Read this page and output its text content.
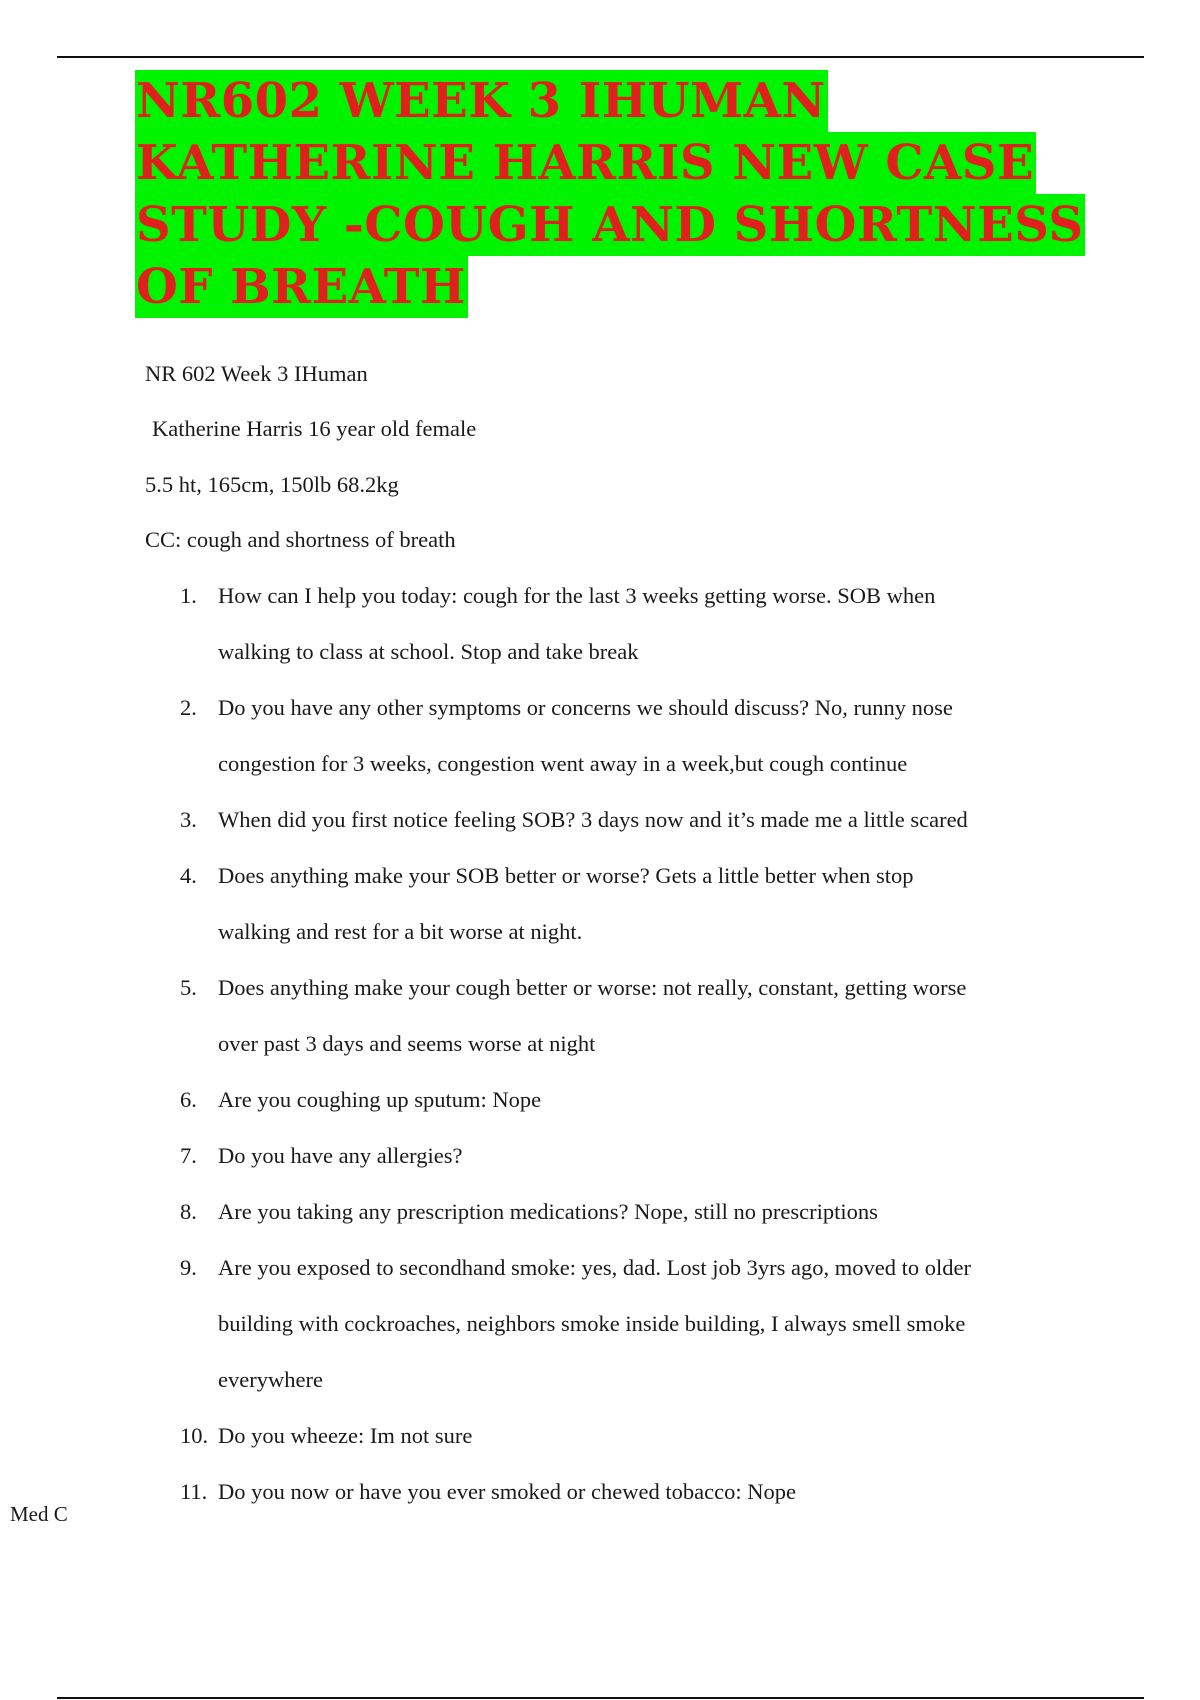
NR602 WEEK 3 IHUMAN
KATHERINE HARRIS NEW CASE
STUDY -COUGH AND SHORTNESS
OF BREATH
NR 602 Week 3 IHuman
Katherine Harris 16 year old female
5.5 ht, 165cm, 150lb 68.2kg
CC: cough and shortness of breath
1. How can I help you today: cough for the last 3 weeks getting worse. SOB when
walking to class at school. Stop and take break
2. Do you have any other symptoms or concerns we should discuss? No, runny nose
congestion for 3 weeks, congestion went away in a week,but cough continue
3. When did you first notice feeling SOB? 3 days now and it’s made me a little scared
4. Does anything make your SOB better or worse? Gets a little better when stop
walking and rest for a bit worse at night.
5. Does anything make your cough better or worse: not really, constant, getting worse
over past 3 days and seems worse at night
6. Are you coughing up sputum: Nope
7. Do you have any allergies?
8. Are you taking any prescription medications? Nope, still no prescriptions
9. Are you exposed to secondhand smoke: yes, dad. Lost job 3yrs ago, moved to older
building with cockroaches, neighbors smoke inside building, I always smell smoke
everywhere
10. Do you wheeze: Im not sure
11. Do you now or have you ever smoked or chewed tobacco: Nope
Med C
